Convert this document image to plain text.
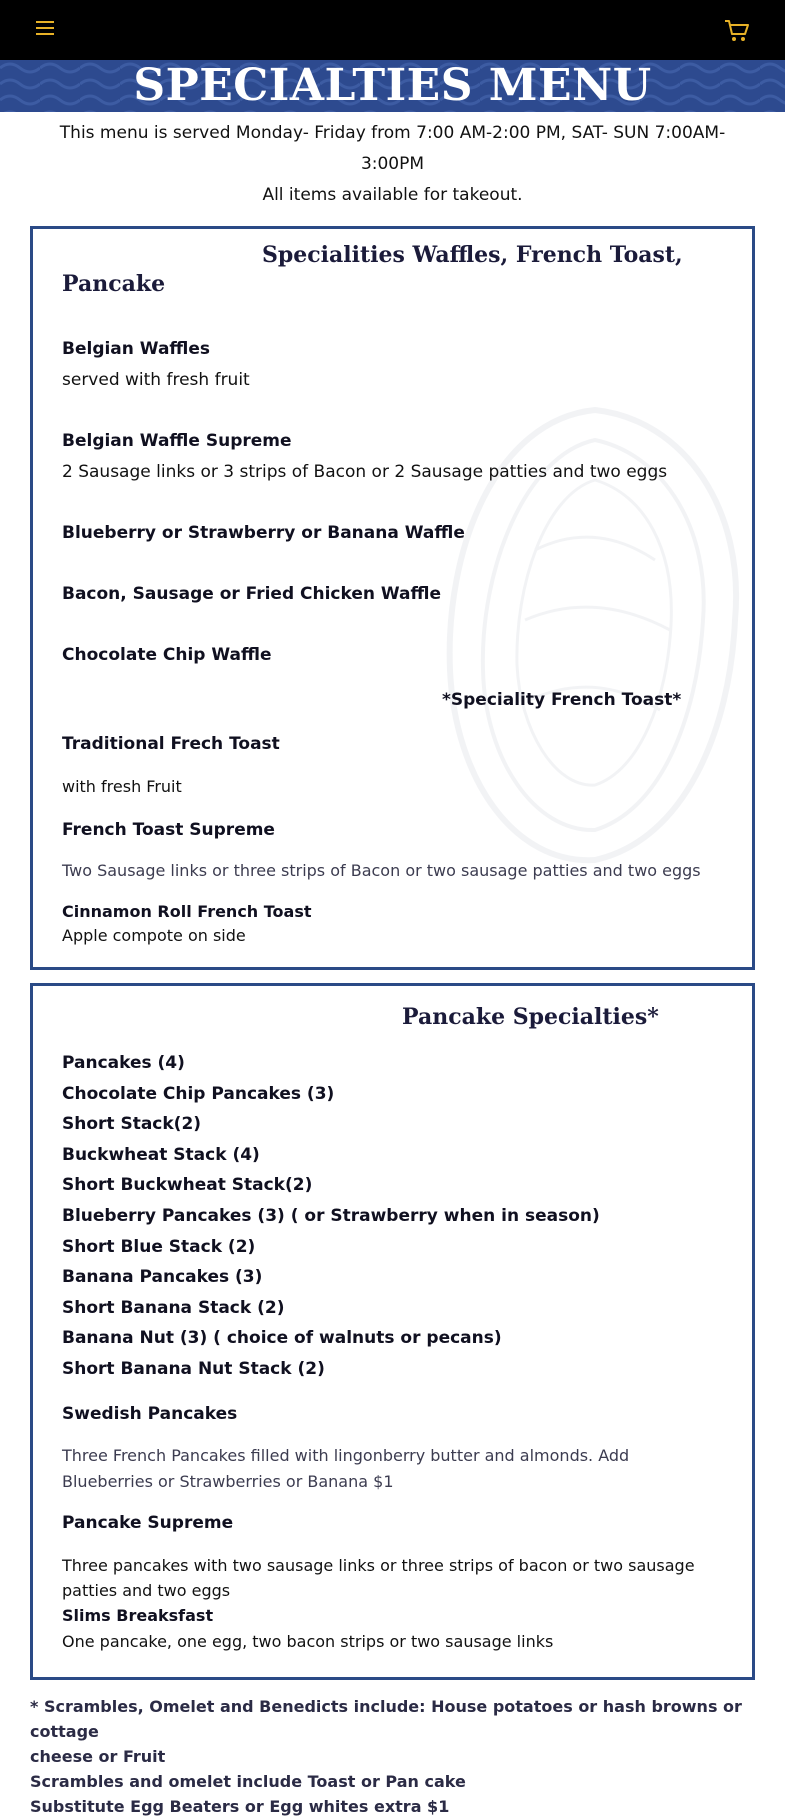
SPECIALTIES MENU
This menu is served Monday- Friday from 7:00 AM-2:00 PM, SAT- SUN 7:00AM-3:00PM
All items available for takeout.
Specialities Waffles, French Toast,
Pancake
Belgian Waffles
served with fresh fruit
Belgian Waffle Supreme
2 Sausage links or 3 strips of Bacon or 2 Sausage patties and two eggs
Blueberry or Strawberry or Banana Waffle
Bacon, Sausage or Fried Chicken Waffle
Chocolate Chip Waffle
*Speciality French Toast*
Traditional Frech Toast
with fresh Fruit
French Toast Supreme
Two Sausage links or three strips of Bacon or two sausage patties and two eggs
Cinnamon Roll French Toast
Apple compote on side
Pancake Specialties*
Pancakes (4)
Chocolate Chip Pancakes (3)
Short Stack(2)
Buckwheat Stack (4)
Short Buckwheat Stack(2)
Blueberry Pancakes (3) ( or Strawberry when in season)
Short Blue Stack (2)
Banana Pancakes (3)
Short Banana Stack (2)
Banana Nut (3) ( choice of walnuts or pecans)
Short Banana Nut Stack (2)
Swedish Pancakes
Three French Pancakes filled with lingonberry butter and almonds. Add
Blueberries or Strawberries or Banana $1
Pancake Supreme
Three pancakes with two sausage links or three strips of bacon or two sausage
patties and two eggs
Slims Breaksfast
One pancake, one egg, two bacon strips or two sausage links
* Scrambles, Omelet and Benedicts include: House potatoes or hash browns or cottage
cheese or Fruit
Scrambles and omelet include Toast or Pan cake
Substitute Egg Beaters or Egg whites extra $1
